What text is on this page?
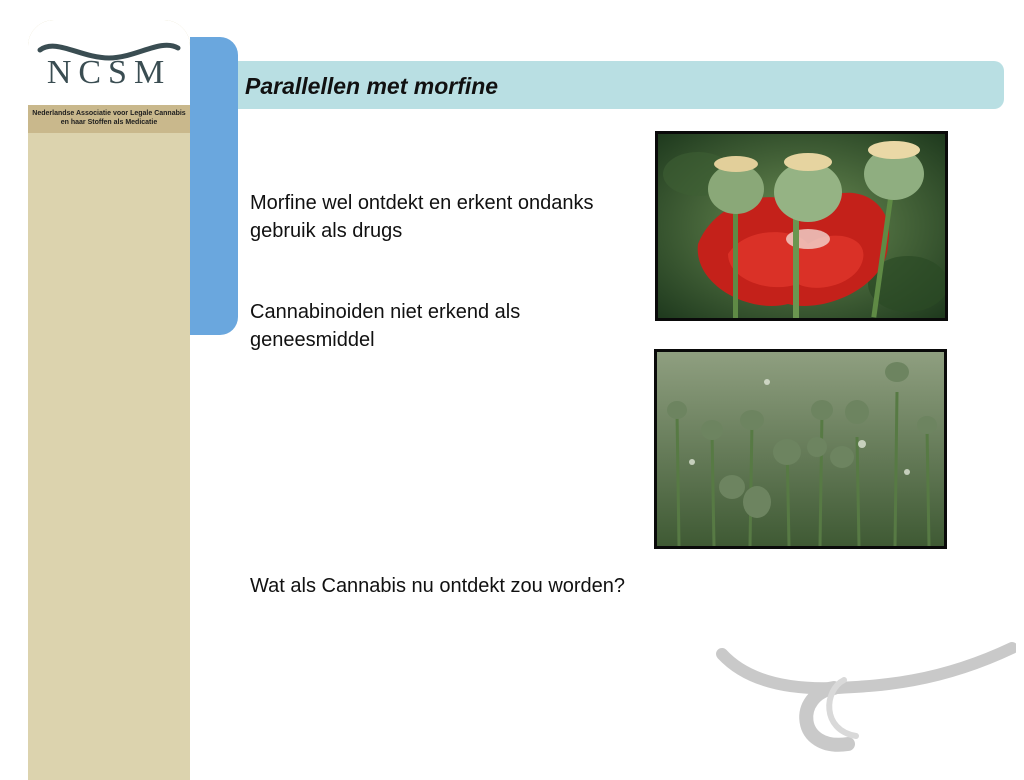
NCSM
Nederlandse Associatie voor Legale Cannabis
en haar Stoffen als Medicatie
Parallellen met morfine

Morfine wel ontdekt en erkent ondanks
gebruik als drugs

Cannabinoiden niet erkend als
geneesmiddel

Wat als Cannabis nu ontdekt zou worden?
